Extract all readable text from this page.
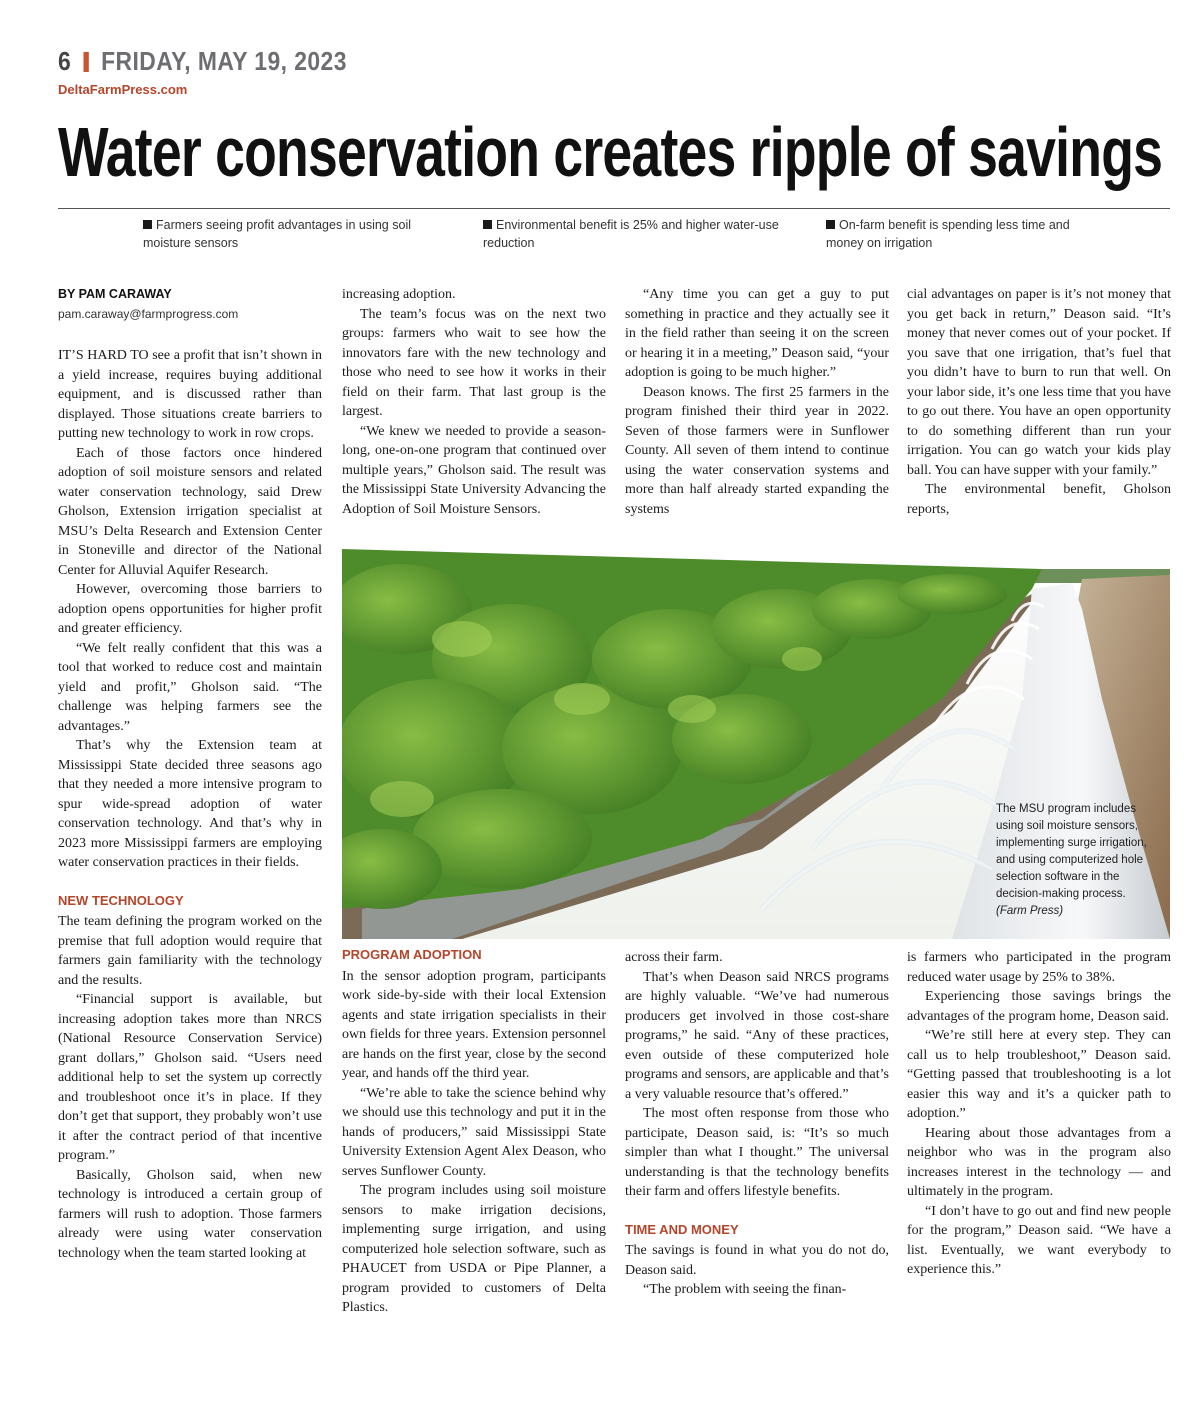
6 FRIDAY, MAY 19, 2023
DeltaFarmPress.com
Water conservation creates ripple of savings
Farmers seeing profit advantages in using soil moisture sensors
Environmental benefit is 25% and higher water-use reduction
On-farm benefit is spending less time and money on irrigation
BY PAM CARAWAY
pam.caraway@farmprogress.com

IT’S HARD TO see a profit that isn’t shown in a yield increase, requires buying additional equipment, and is discussed rather than displayed. Those situations create barriers to putting new technology to work in row crops.

Each of those factors once hindered adoption of soil moisture sensors and related water conservation technology, said Drew Gholson, Extension irrigation specialist at MSU’s Delta Research and Extension Center in Stoneville and director of the National Center for Alluvial Aquifer Research.

However, overcoming those barriers to adoption opens opportunities for higher profit and greater efficiency.

“We felt really confident that this was a tool that worked to reduce cost and maintain yield and profit,” Gholson said. “The challenge was helping farmers see the advantages.”

That’s why the Extension team at Mississippi State decided three seasons ago that they needed a more intensive program to spur wide-spread adoption of water conservation technology. And that’s why in 2023 more Mississippi farmers are employing water conservation practices in their fields.

NEW TECHNOLOGY

The team defining the program worked on the premise that full adoption would require that farmers gain familiarity with the technology and the results.

“Financial support is available, but increasing adoption takes more than NRCS (National Resource Conservation Service) grant dollars,” Gholson said. “Users need additional help to set the system up correctly and troubleshoot once it’s in place. If they don’t get that support, they probably won’t use it after the contract period of that incentive program.”

Basically, Gholson said, when new technology is introduced a certain group of farmers will rush to adoption. Those farmers already were using water conservation technology when the team started looking at

increasing adoption.

The team’s focus was on the next two groups: farmers who wait to see how the innovators fare with the new technology and those who need to see how it works in their field on their farm. That last group is the largest.

“We knew we needed to provide a season-long, one-on-one program that continued over multiple years,” Gholson said. The result was the Mississippi State University Advancing the Adoption of Soil Moisture Sensors.

“Any time you can get a guy to put something in practice and they actually see it in the field rather than seeing it on the screen or hearing it in a meeting,” Deason said, “your adoption is going to be much higher.”

Deason knows. The first 25 farmers in the program finished their third year in 2022. Seven of those farmers were in Sunflower County. All seven of them intend to continue using the water conservation systems and more than half already started expanding the systems

cial advantages on paper is it’s not money that you get back in return,” Deason said. “It’s money that never comes out of your pocket. If you save that one irrigation, that’s fuel that you didn’t have to burn to run that well. On your labor side, it’s one less time that you have to go out there. You have an open opportunity to do something different than run your irrigation. You can go watch your kids play ball. You can have supper with your family.”

The environmental benefit, Gholson reports,

The MSU program includes using soil moisture sensors, implementing surge irrigation, and using computerized hole selection software in the decision-making process. (Farm Press)
PROGRAM ADOPTION

In the sensor adoption program, participants work side-by-side with their local Extension agents and state irrigation specialists in their own fields for three years. Extension personnel are hands on the first year, close by the second year, and hands off the third year.

“We’re able to take the science behind why we should use this technology and put it in the hands of producers,” said Mississippi State University Extension Agent Alex Deason, who serves Sunflower County.

The program includes using soil moisture sensors to make irrigation decisions, implementing surge irrigation, and using computerized hole selection software, such as PHAUCET from USDA or Pipe Planner, a program provided to customers of Delta Plastics.

across their farm.

That’s when Deason said NRCS programs are highly valuable. “We’ve had numerous producers get involved in those cost-share programs,” he said. “Any of these practices, even outside of these computerized hole programs and sensors, are applicable and that’s a very valuable resource that’s offered.”

The most often response from those who participate, Deason said, is: “It’s so much simpler than what I thought.” The universal understanding is that the technology benefits their farm and offers lifestyle benefits.

TIME AND MONEY

The savings is found in what you do not do, Deason said.

“The problem with seeing the finan-

is farmers who participated in the program reduced water usage by 25% to 38%.

Experiencing those savings brings the advantages of the program home, Deason said.

“We’re still here at every step. They can call us to help troubleshoot,” Deason said. “Getting passed that troubleshooting is a lot easier this way and it’s a quicker path to adoption.”

Hearing about those advantages from a neighbor who was in the program also increases interest in the technology — and ultimately in the program.

“I don’t have to go out and find new people for the program,” Deason said. “We have a list. Eventually, we want everybody to experience this.”
